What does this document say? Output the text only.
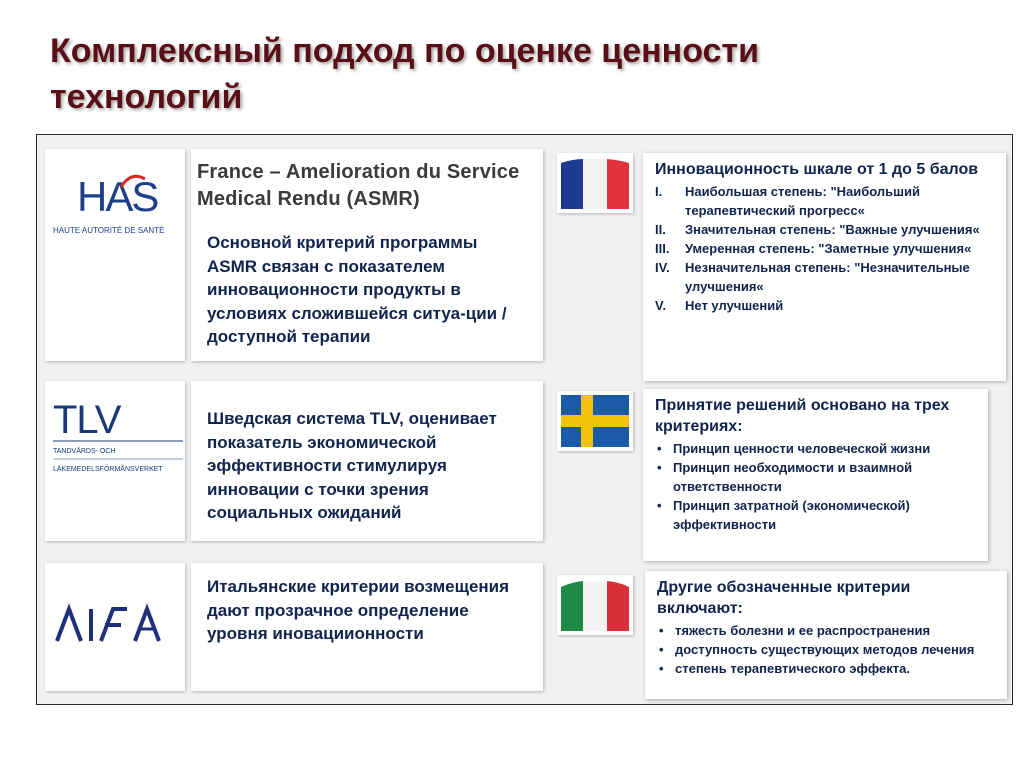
Комплексный подход по оценке ценности технологий
HAS
HAUTE AUTORITÉ DE SANTÉ

France – Amelioration du Service Medical Rendu (ASMR)

Основной критерий программы ASMR связан с показателем инновационности продукты в условиях сложившейся ситуа-ции / доступной терапии

Инновационность шкале от 1 до 5 балов
I. Наибольшая степень: "Наибольший терапевтический прогресс«
II. Значительная степень: "Важные улучшения«
III. Умеренная степень: "Заметные улучшения«
IV. Незначительная степень: "Незначительные улучшения«
V. Нет улучшений
TLV
TANDVÅRDS- OCH
LÄKEMEDELSFÖRMÅNSVERKET

Шведская система TLV, оценивает показатель экономической эффективности стимулируя инновации с точки зрения социальных ожиданий

Принятие решений основано на трех критериях:
• Принцип ценности человеческой жизни
• Принцип необходимости и взаимной ответственности
• Принцип затратной (экономической) эффективности

Итальянские критерии возмещения дают прозрачное определение уровня иновациионности

Другие обозначенные критерии включают:
• тяжесть болезни и ее распространения
• доступность существующих методов лечения
• степень терапевтического эффекта.
